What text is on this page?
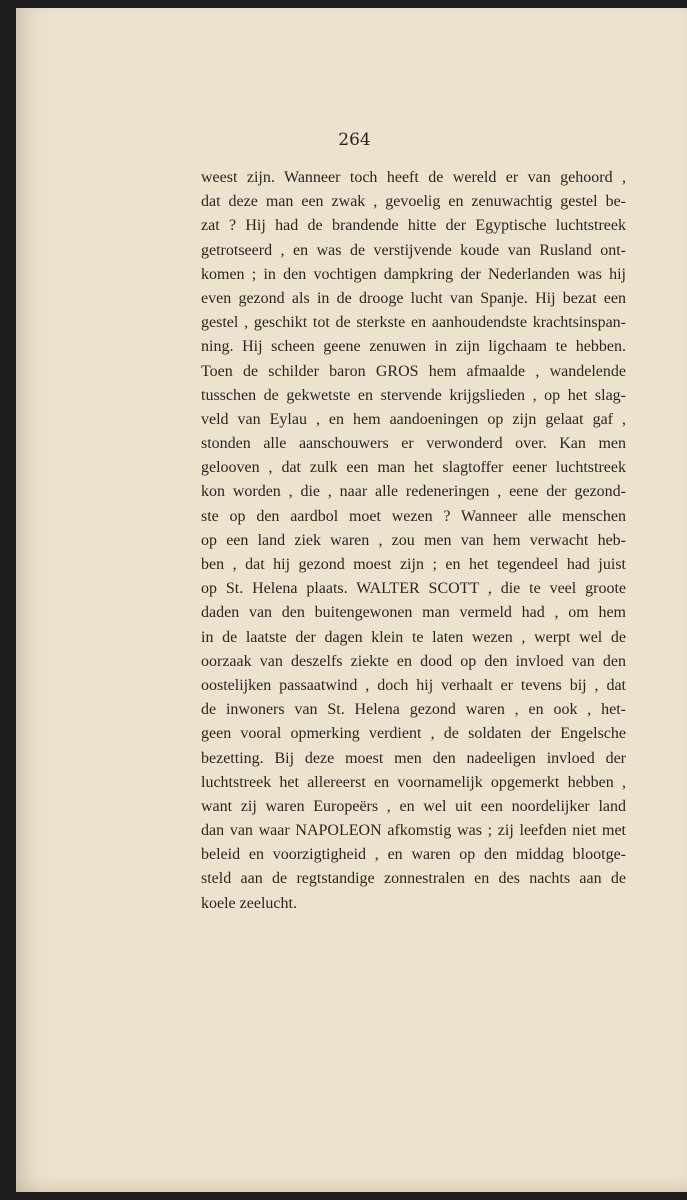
264
weest zijn. Wanneer toch heeft de wereld er van gehoord ,
dat deze man een zwak , gevoelig en zenuwachtig gestel be-
zat ? Hij had de brandende hitte der Egyptische luchtstreek
getrotseerd , en was de verstijvende koude van Rusland ont-
komen ; in den vochtigen dampkring der Nederlanden was hij
even gezond als in de drooge lucht van Spanje. Hij bezat een
gestel , geschikt tot de sterkste en aanhoudendste krachtsinspan-
ning. Hij scheen geene zenuwen in zijn ligchaam te hebben.
Toen de schilder baron GROS hem afmaalde , wandelende
tusschen de gekwetste en stervende krijgslieden , op het slag-
veld van Eylau , en hem aandoeningen op zijn gelaat gaf ,
stonden alle aanschouwers er verwonderd over. Kan men
gelooven , dat zulk een man het slagtoffer eener luchtstreek
kon worden , die , naar alle redeneringen , eene der gezond-
ste op den aardbol moet wezen ? Wanneer alle menschen
op een land ziek waren , zou men van hem verwacht heb-
ben , dat hij gezond moest zijn ; en het tegendeel had juist
op St. Helena plaats. WALTER SCOTT , die te veel groote
daden van den buitengewonen man vermeld had , om hem
in de laatste der dagen klein te laten wezen , werpt wel de
oorzaak van deszelfs ziekte en dood op den invloed van den
oostelijken passaatwind , doch hij verhaalt er tevens bij , dat
de inwoners van St. Helena gezond waren , en ook , het-
geen vooral opmerking verdient , de soldaten der Engelsche
bezetting. Bij deze moest men den nadeeligen invloed der
luchtstreek het allereerst en voornamelijk opgemerkt hebben ,
want zij waren Europeërs , en wel uit een noordelijker land
dan van waar NAPOLEON afkomstig was ; zij leefden niet met
beleid en voorzigtigheid , en waren op den middag blootge-
steld aan de regtstandige zonnestralen en des nachts aan de
koele zeelucht.
